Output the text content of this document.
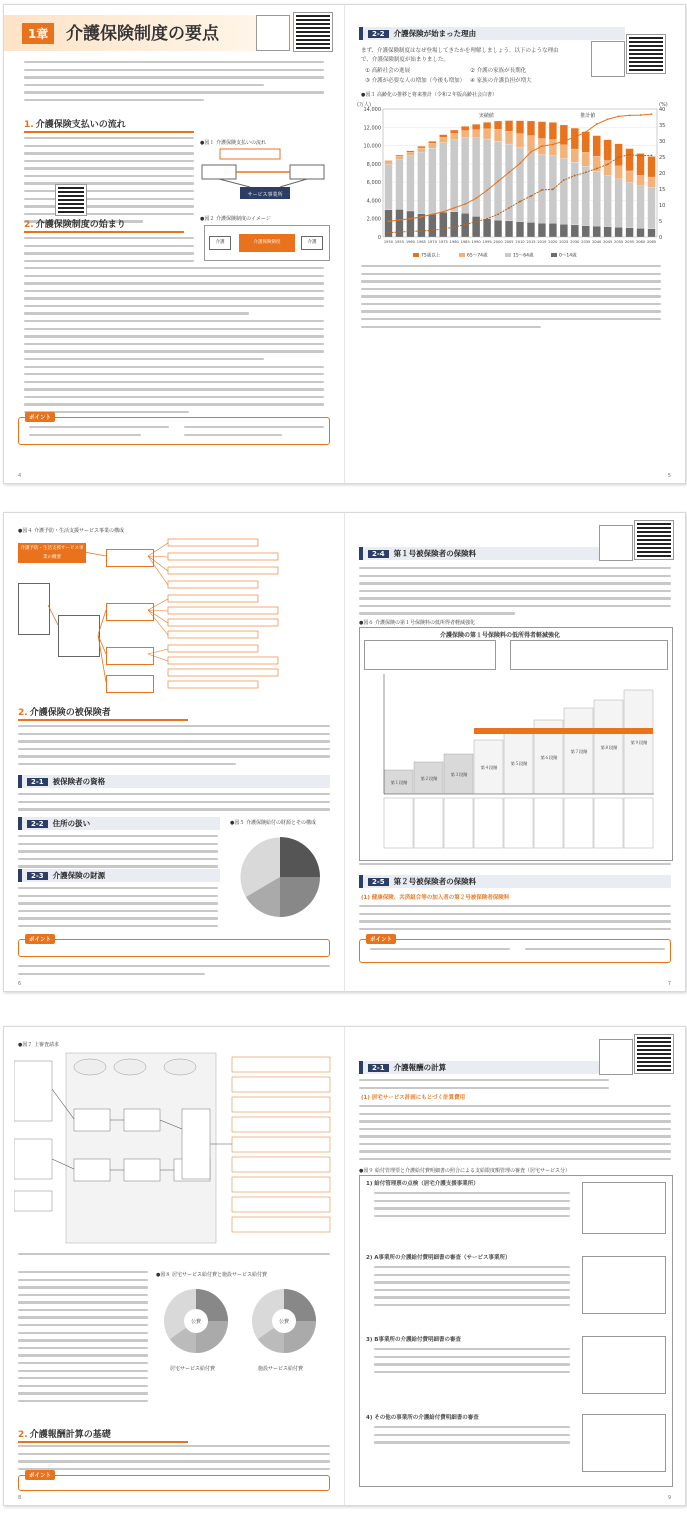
1章	介護保険制度の要点
1. 介護保険支払いの流れ
●図１ 介護保険支払いの流れ
サービス事業所
2. 介護保険制度の始まり
●図２ 介護保険制度のイメージ
介護	介護保険制度	介護
ポイント
4
2-2 介護保険が始まった理由
まず、介護保険制度はなぜ登場してきたかを理解しましょう。以下のような理由で、介護保険制度が始まりました。
① 高齢社会の進展	② 介護の家族が長期化
③ 介護が必要な人の増加（今後も増加） ④ 家族の介護負担が増大
●図３ 高齢化の推移と将来推計（令和２年版高齢社会白書）
0
2,000
4,000
6,000
8,000
10,000
12,000
14,000
0
5
10
15
20
25
30
35
40
(万人)	(%)
1950 1955 1960 1965 1970 1975 1980 1985 1990 1995 2000 2005 2010 2015 2019 2020 2025 2030 2035 2040 2045 2050 2055 2060 2065
実績値	推計値
75歳以上	65〜74歳	15〜64歳	0〜14歳
5
●図４ 介護予防・生活支援サービス事業の構成
介護予防・生活支援サービス事業の概要
2. 介護保険の被保険者
2-1 被保険者の資格
2-2 住所の扱い
2-3 介護保険の財源
●図５ 介護保険給付の財源とその構成
ポイント
6
2-4 第１号被保険者の保険料
●図６ 介護保険の第１号保険料の低所得者軽減強化
介護保険の第１号保険料の低所得者軽減強化
第１段階
第２段階
第３段階
第４段階
第５段階
第６段階
第７段階
第８段階
第９段階
2-5 第２号被保険者の保険料
(1) 健康保険、共済組合等の加入者の第２号被保険者保険料
ポイント
7
●図７ 上審査請求
●図８ 居宅サービス給付費と施設サービス給付費
公費	公費
居宅サービス給付費	施設サービス給付費
2. 介護報酬計算の基礎
ポイント
8
2-1 介護報酬の計算
(1) 居宅サービス計画にもとづく計算費用
●図９ 給付管理票と介護給付費明細書の照合による支給限度額管理の審査（居宅サービス分）
1) 給付管理票の点検（居宅介護支援事業所）
2) A事業所の介護給付費明細書の審査（サービス事業所）
3) B事業所の介護給付費明細書の審査
4) その他の事業所の介護給付費明細書の審査
9
